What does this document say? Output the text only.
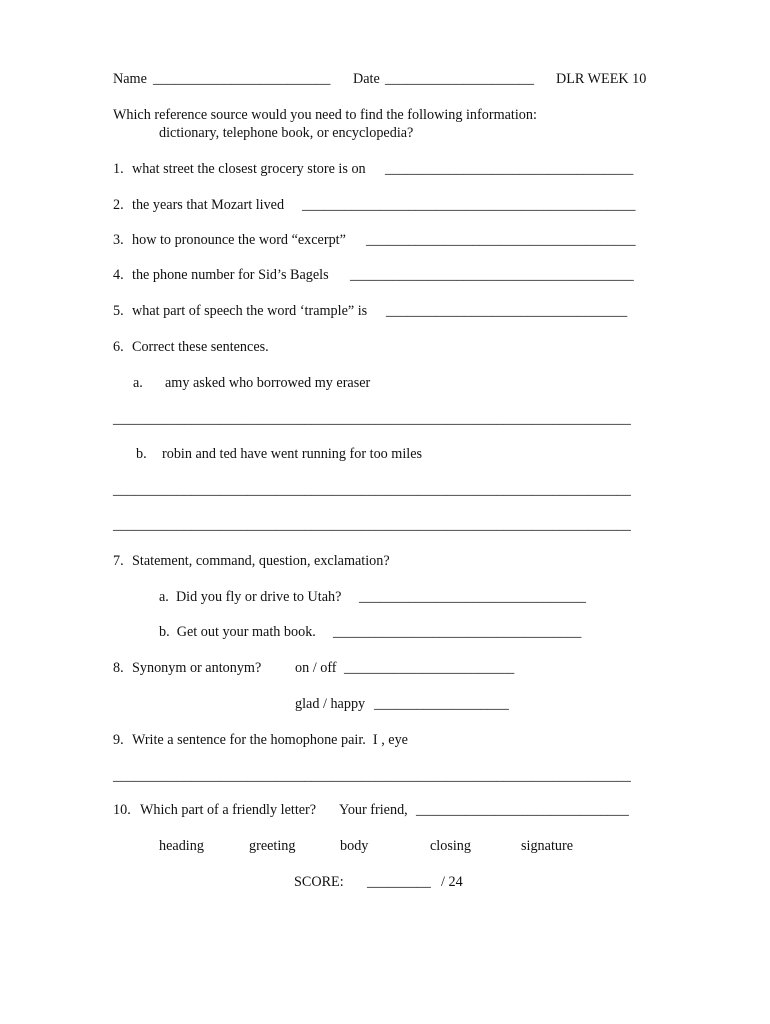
Name _________________________ Date _____________________ DLR WEEK 10
Which reference source would you need to find the following information:
dictionary, telephone book, or encyclopedia?
1. what street the closest grocery store is on ___________________________________
2. the years that Mozart lived _______________________________________________
3. how to pronounce the word “excerpt” ______________________________________
4. the phone number for Sid’s Bagels ________________________________________
5. what part of speech the word ‘trample” is __________________________________
6. Correct these sentences.
a. amy asked who borrowed my eraser
_________________________________________________________________________
b. robin and ted have went running for too miles
_________________________________________________________________________
_________________________________________________________________________
7. Statement, command, question, exclamation?
a.  Did you fly or drive to Utah? ________________________________
b.  Get out your math book. ___________________________________
8. Synonym or antonym? on / off ________________________
glad / happy ___________________
9. Write a sentence for the homophone pair.  I , eye
_________________________________________________________________________
10. Which part of a friendly letter? Your friend, ______________________________
heading	greeting	body	closing	signature
SCORE: _________ / 24
